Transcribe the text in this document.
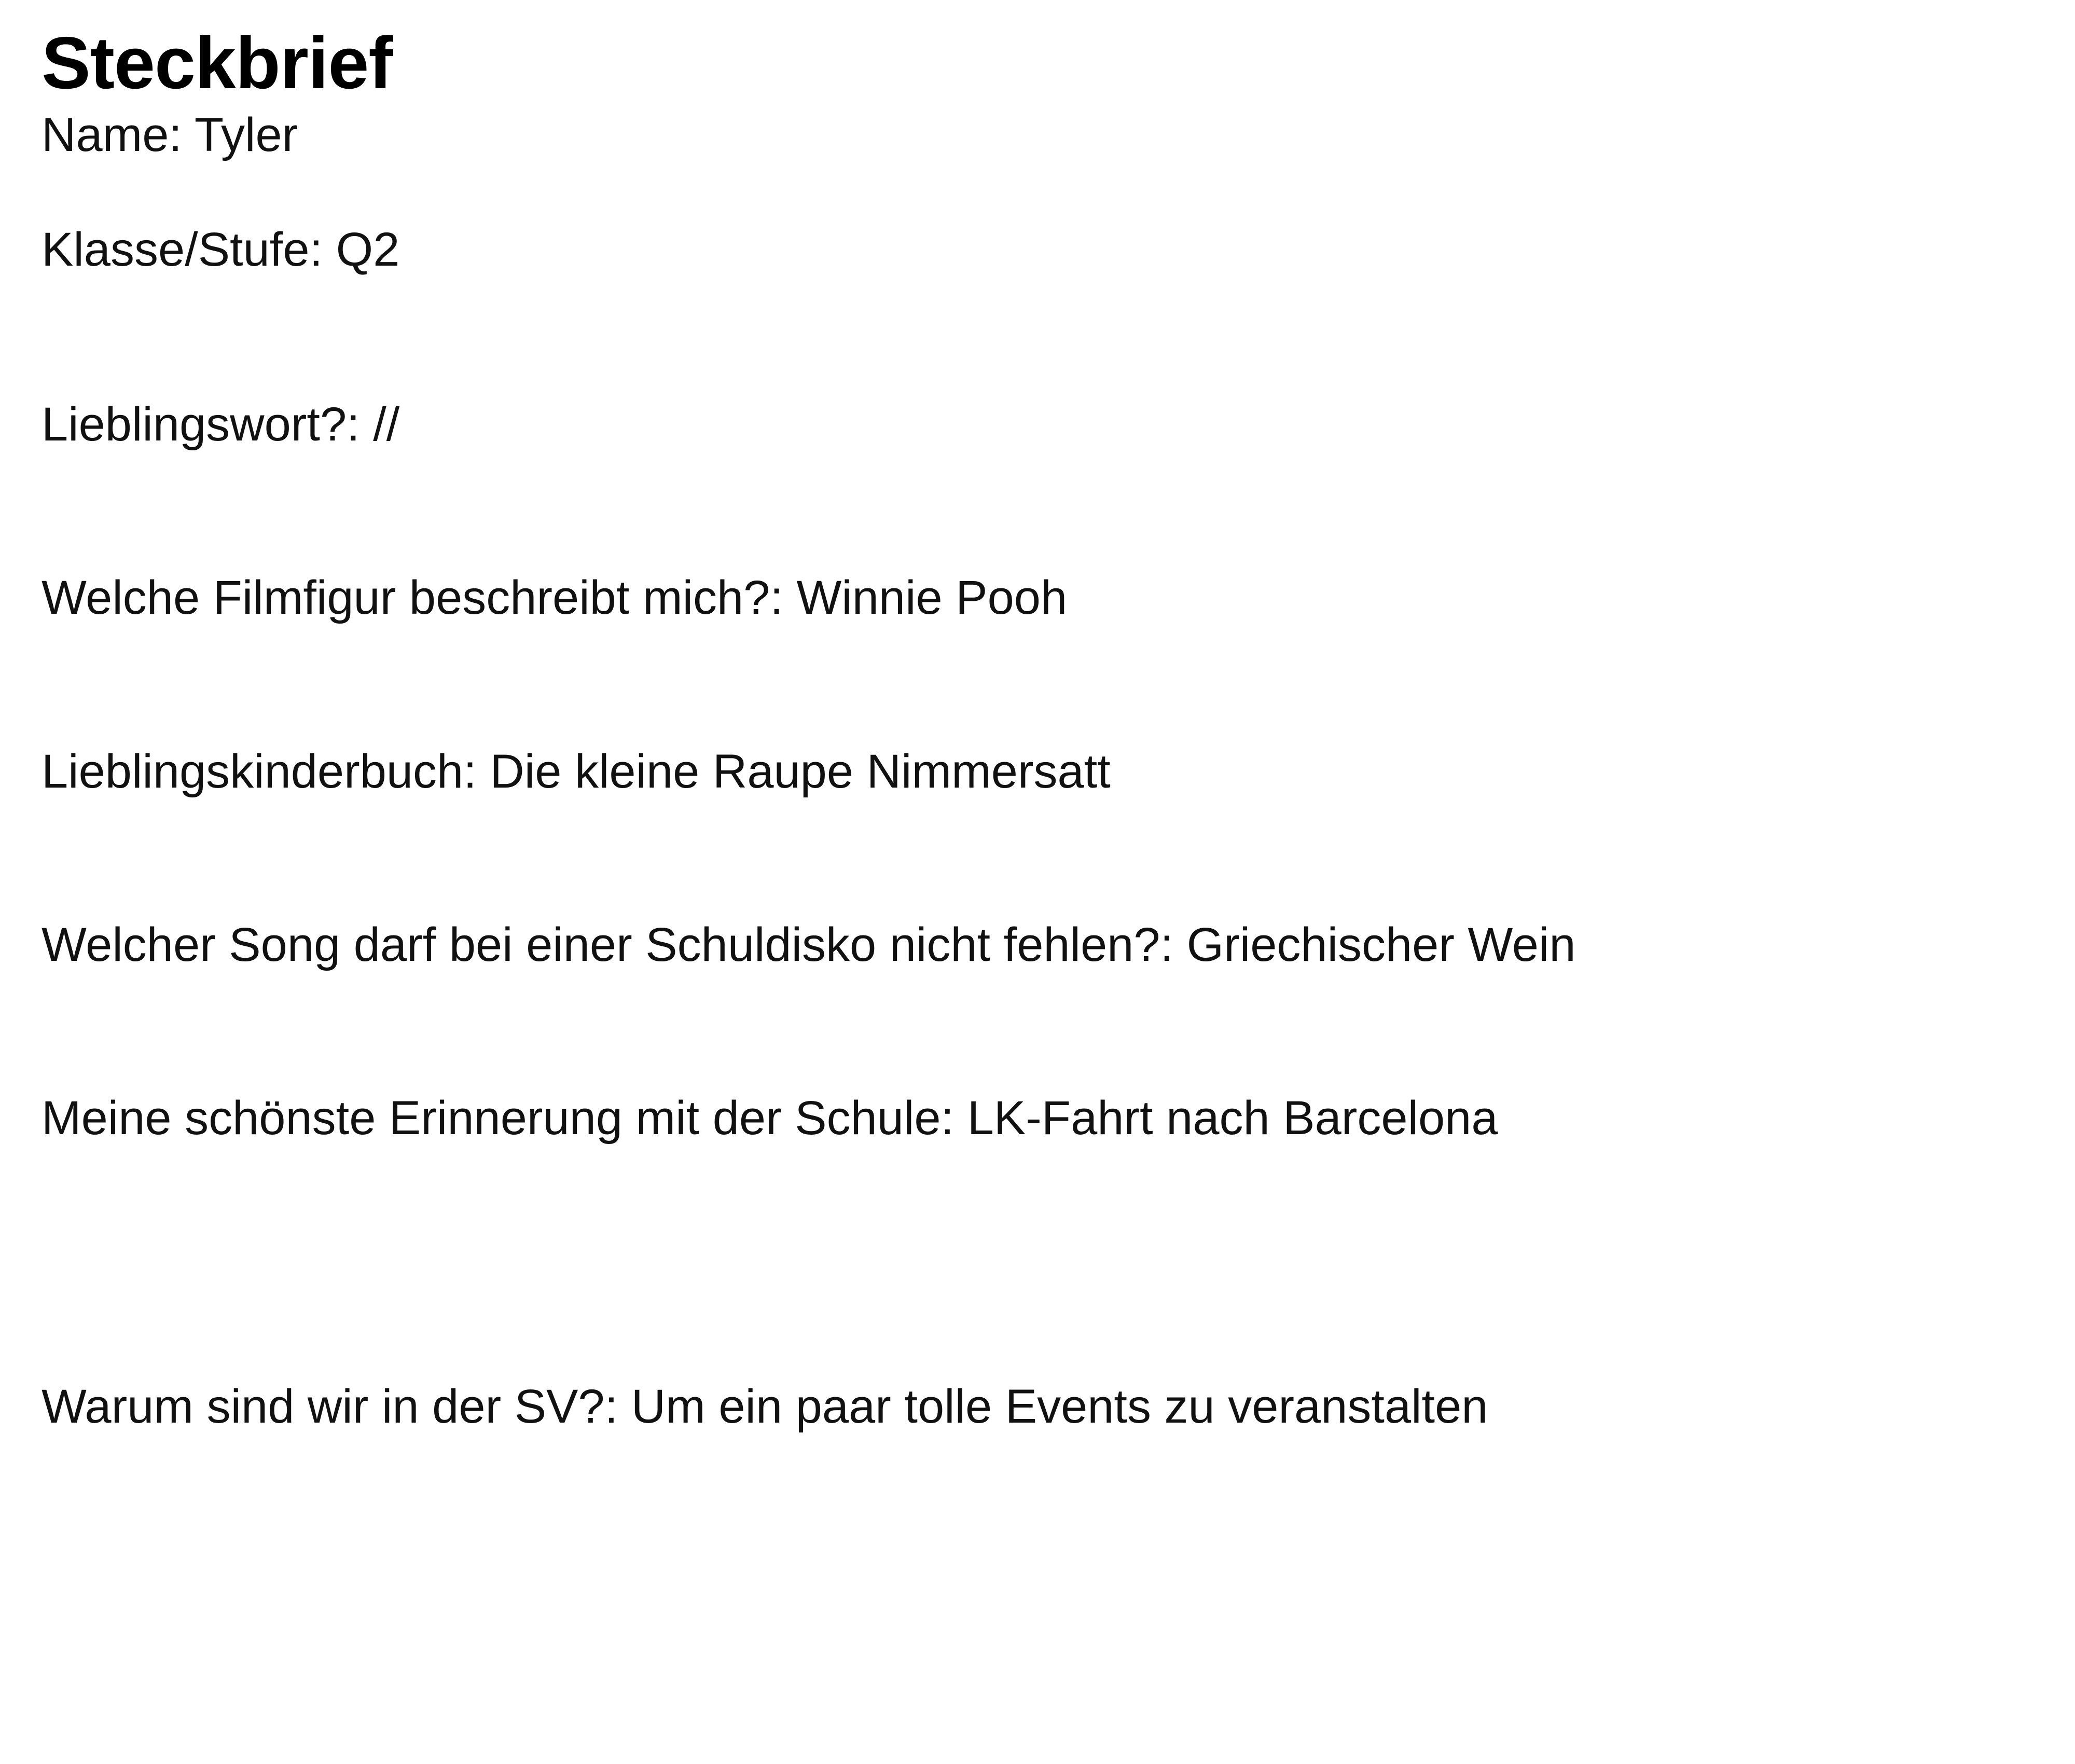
Steckbrief

Name: Tyler

Klasse/Stufe: Q2

Lieblingswort?: //

Welche Filmfigur beschreibt mich?: Winnie Pooh

Lieblingskinderbuch: Die kleine Raupe Nimmersatt

Welcher Song darf bei einer Schuldisko nicht fehlen?: Griechischer Wein

Meine schönste Erinnerung mit der Schule: LK-Fahrt nach Barcelona

Warum sind wir in der SV?: Um ein paar tolle Events zu veranstalten
